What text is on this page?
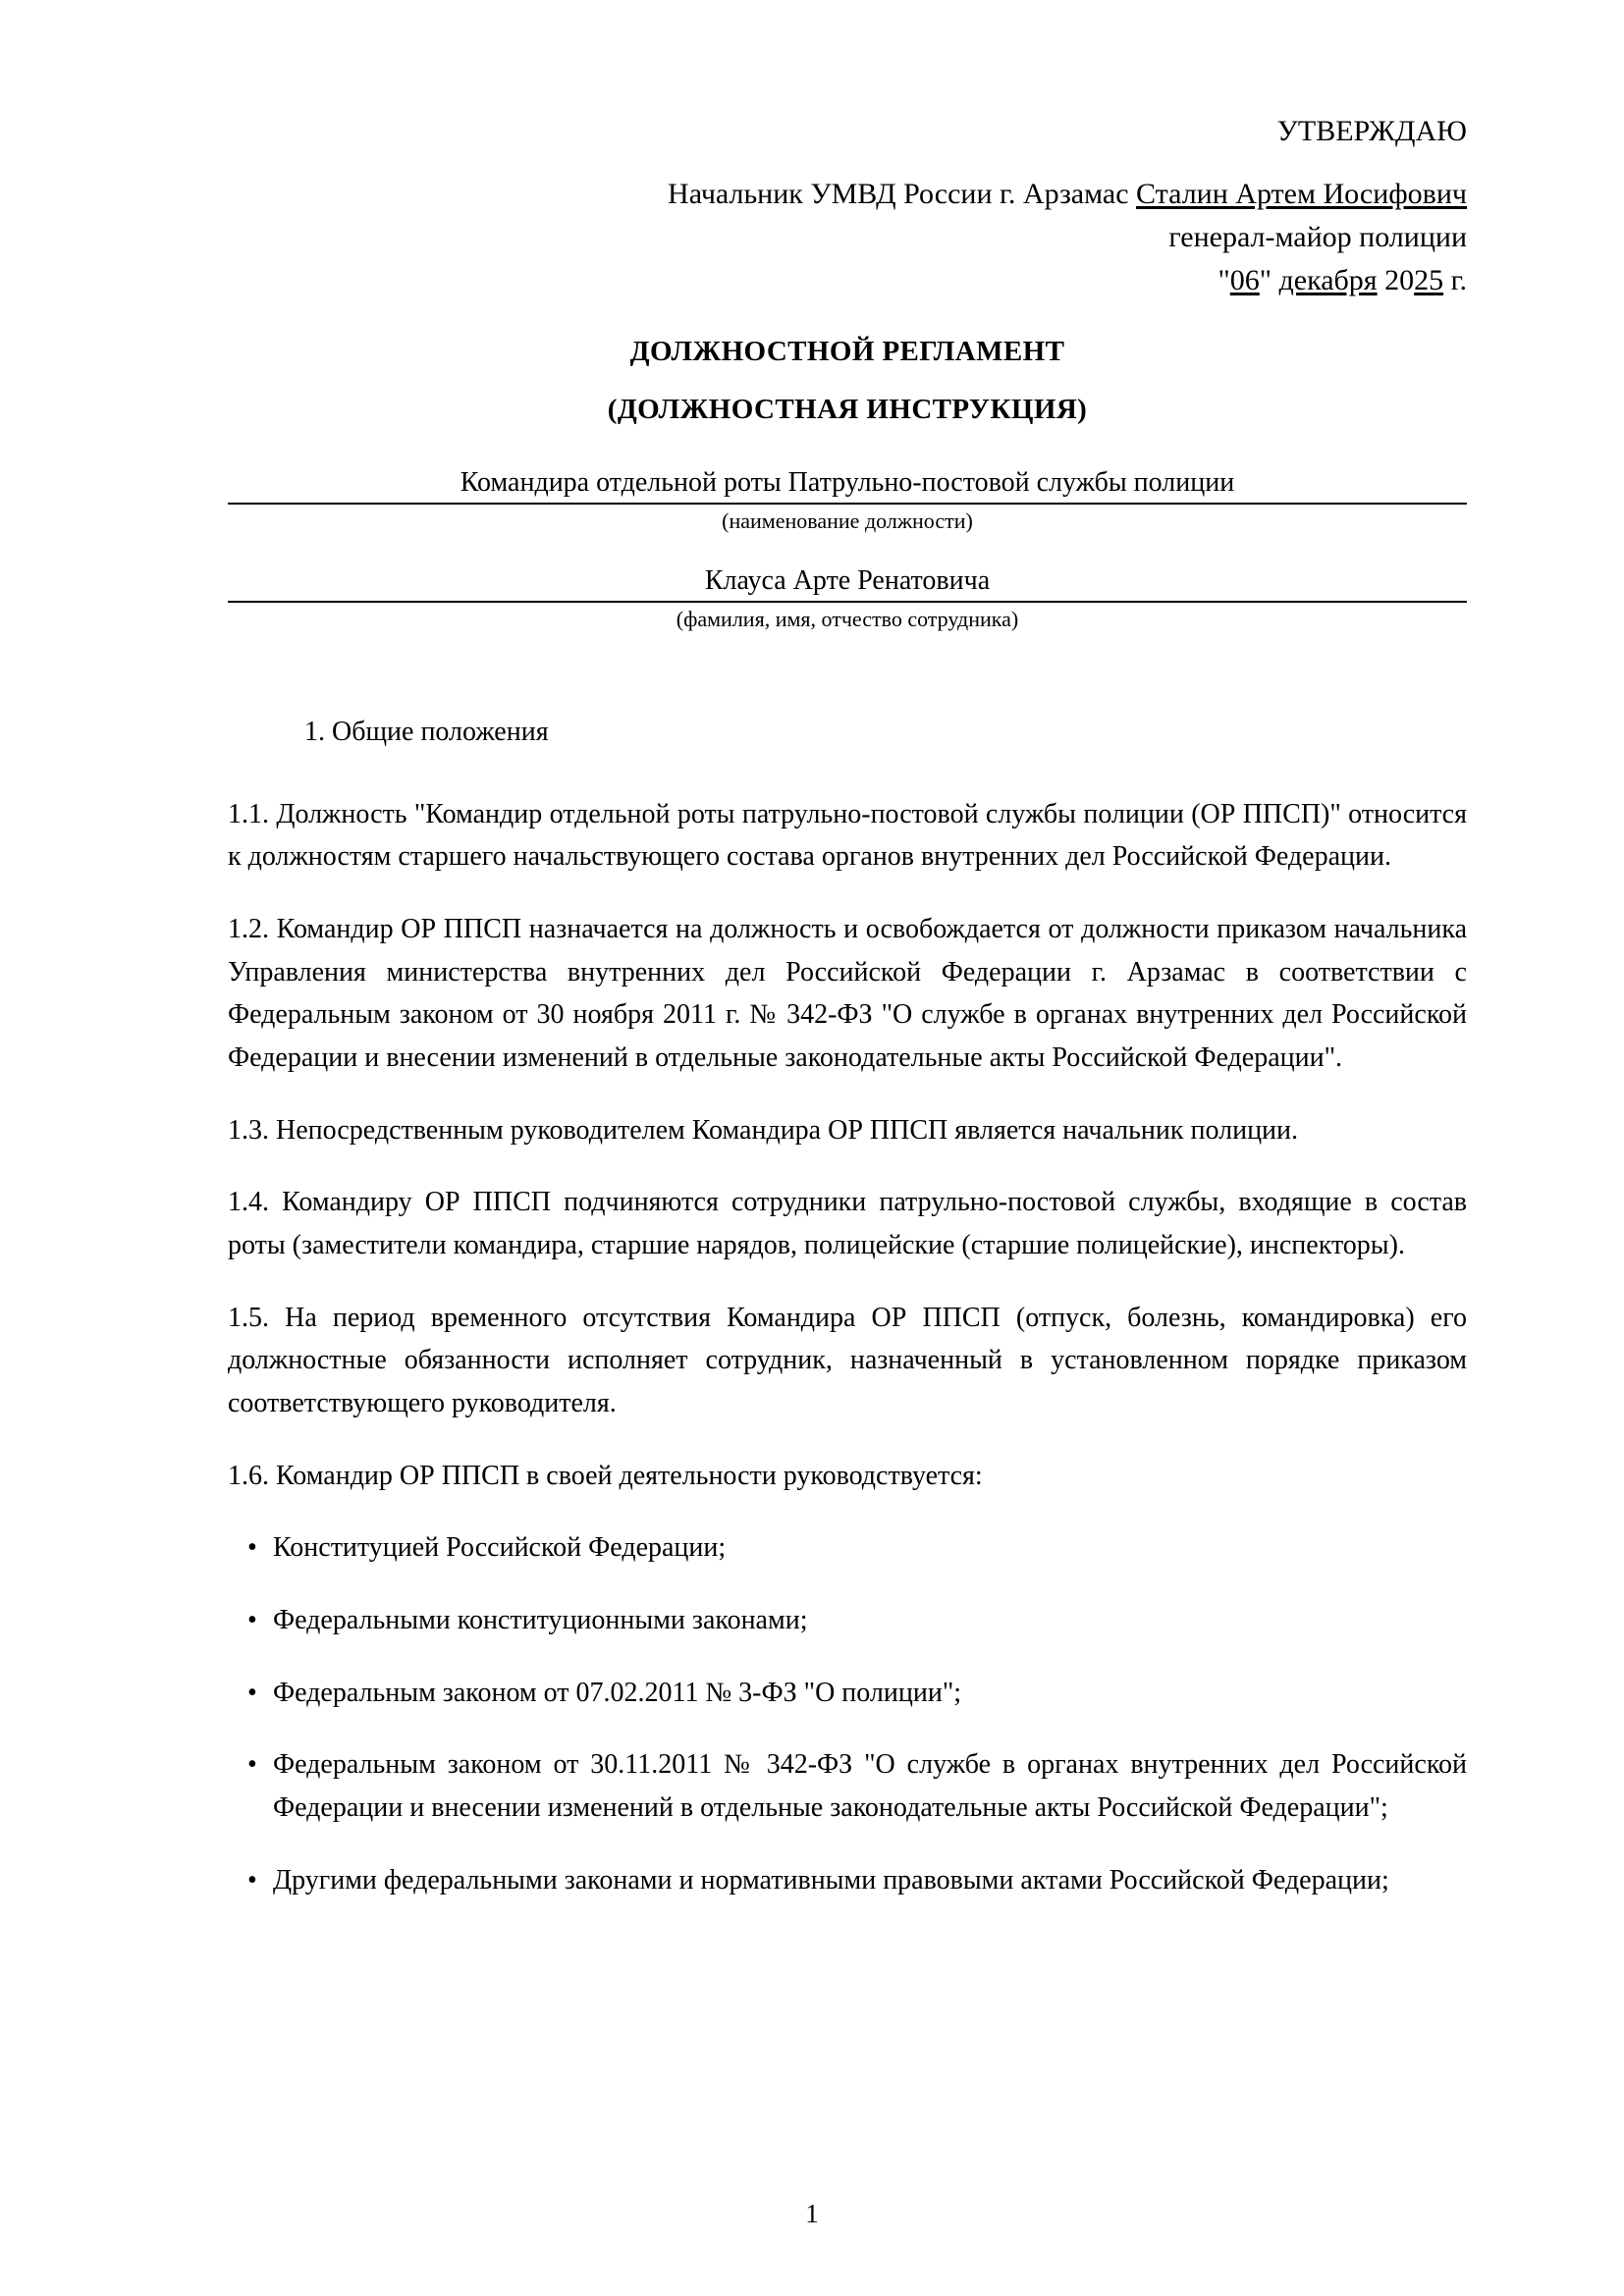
УТВЕРЖДАЮ
Начальник УМВД России г. Арзамас Сталин Артем Иосифович
генерал-майор полиции
"06" декабря 2025 г.
ДОЛЖНОСТНОЙ РЕГЛАМЕНТ
(ДОЛЖНОСТНАЯ ИНСТРУКЦИЯ)
Командира отдельной роты Патрульно-постовой службы полиции
(наименование должности)
Клауса Арте Ренатовича
(фамилия, имя, отчество сотрудника)
1. Общие положения

1.1. Должность "Командир отдельной роты патрульно-постовой службы полиции (ОР ППСП)" относится к должностям старшего начальствующего состава органов внутренних дел Российской Федерации.

1.2. Командир ОР ППСП назначается на должность и освобождается от должности приказом начальника Управления министерства внутренних дел Российской Федерации г. Арзамас в соответствии с Федеральным законом от 30 ноября 2011 г. № 342-ФЗ "О службе в органах внутренних дел Российской Федерации и внесении изменений в отдельные законодательные акты Российской Федерации".

1.3. Непосредственным руководителем Командира ОР ППСП является начальник полиции.

1.4. Командиру ОР ППСП подчиняются сотрудники патрульно-постовой службы, входящие в состав роты (заместители командира, старшие нарядов, полицейские (старшие полицейские), инспекторы).

1.5. На период временного отсутствия Командира ОР ППСП (отпуск, болезнь, командировка) его должностные обязанности исполняет сотрудник, назначенный в установленном порядке приказом соответствующего руководителя.

1.6. Командир ОР ППСП в своей деятельности руководствуется:

• Конституцией Российской Федерации;
• Федеральными конституционными законами;
• Федеральным законом от 07.02.2011 № 3-ФЗ "О полиции";
• Федеральным законом от 30.11.2011 № 342-ФЗ "О службе в органах внутренних дел Российской Федерации и внесении изменений в отдельные законодательные акты Российской Федерации";
• Другими федеральными законами и нормативными правовыми актами Российской Федерации;
1
